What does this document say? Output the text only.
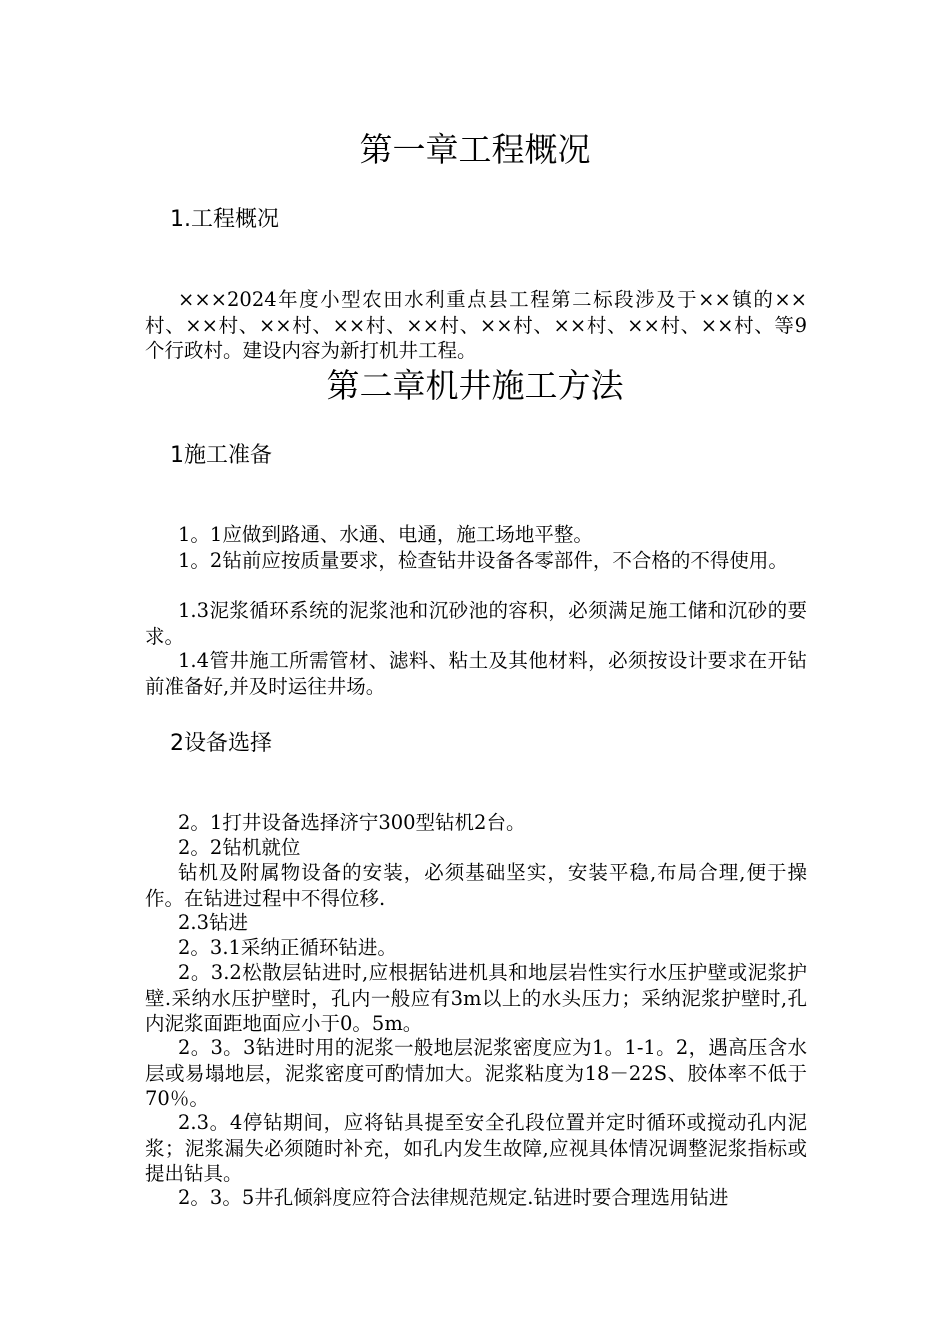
第一章工程概况
1.工程概况

×××2024年度小型农田水利重点县工程第二标段涉及于××镇的××村、××村、××村、××村、××村、××村、××村、××村、××村、等9个行政村。建设内容为新打机井工程。

第二章机井施工方法
1施工准备

1。1应做到路通、水通、电通，施工场地平整。

1。2钻前应按质量要求，检查钻井设备各零部件，不合格的不得使用。

1.3泥浆循环系统的泥浆池和沉砂池的容积，必须满足施工储和沉砂的要求。

1.4管井施工所需管材、滤料、粘土及其他材料，必须按设计要求在开钻前准备好,并及时运往井场。

2设备选择

2。1打井设备选择济宁300型钻机2台。

2。2钻机就位

钻机及附属物设备的安装，必须基础坚实，安装平稳,布局合理,便于操作。在钻进过程中不得位移.

2.3钻进

2。3.1采纳正循环钻进。

2。3.2松散层钻进时,应根据钻进机具和地层岩性实行水压护壁或泥浆护壁.采纳水压护壁时，孔内一般应有3m以上的水头压力；采纳泥浆护壁时,孔内泥浆面距地面应小于0。5m。

2。3。3钻进时用的泥浆一般地层泥浆密度应为1。1-1。2，遇高压含水层或易塌地层，泥浆密度可酌情加大。泥浆粘度为18－22S、胶体率不低于70％。

2.3。4停钻期间，应将钻具提至安全孔段位置并定时循环或搅动孔内泥浆；泥浆漏失必须随时补充，如孔内发生故障,应视具体情况调整泥浆指标或提出钻具。

2。3。5井孔倾斜度应符合法律规范规定.钻进时要合理选用钻进
